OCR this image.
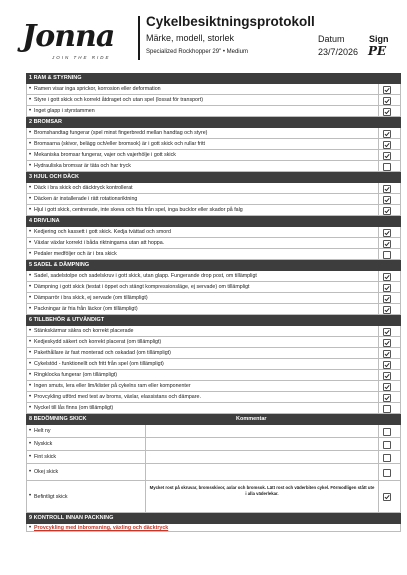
Jonna
JOIN THE RIDE
Cykelbesiktningsprotokoll
Märke, modell, storlek
Specialized Rockhopper 29" • Medium
Datum	Sign
23/7/2026 PE
1 RAM & STYRNING
• Ramen visar inga sprickor, korrosion eller deformation
• Styre i gott skick och korrekt åtdraget och utan spel (lossat för transport)
• Inget glapp i styrstammen
2 BROMSAR
• Bromshandtag fungerar (spel minst fingerbredd mellan handtag och styre)
• Bromsarna (skivor, belägg och/eller bromsok) är i gott skick och rullar fritt
• Mekaniska bromsar fungerar, vajer och vajerhölje i gott skick
• Hydrauliska bromsar är täta och har tryck
3 HJUL OCH DÄCK
• Däck i bra skick och däcktryck kontrollerat
• Däcken är installerade i rätt rotationsriktning
• Hjul i gott skick, centrerade, inte skeva och fria från spel, inga bucklor eller skador på falg
4 DRIVLINA
• Kedjering och kassett i gott skick. Kedja tvättad och smord
• Växlar växlar korrekt i båda riktningarna utan att hoppa.
• Pedaler medföljer och är i bra skick
5 SADEL & DÄMPNING
• Sadel, sadelstolpe och sadelskruv i gott skick, utan glapp. Fungerande drop post, om tillämpligt
• Dämpning i gott skick (testat i öppet och stängt kompressionsläge, ej servade) om tillämpligt
• Dämparrör i bra skick, ej servade (om tillämpligt)
• Packningar är fria från läckor (om tillämpligt)
6 TILLBEHÖR & UTVÄNDIGT
• Stänkskärmar säkra och korrekt placerade
• Kedjeskydd säkert och korrekt placerat (om tillämpligt)
• Pakethållare är fast monterad och oskadad (om tillämpligt)
• Cykelstöd - funktionellt och fritt från spel (om tillämpligt)
• Ringklocka fungerar (om tillämpligt)
• Ingen smuts, lera eller lim/klister på cykelns ram eller komponenter
• Provcykling utförd med test av broms, växlar, elassistans och dämpare.
• Nyckel till lås finns (om tillämpligt)
8 BEDÖMNING SKICK	Kommentar
• Helt ny
• Nyskick
• Fint skick
• Okej skick
• Befintligt skick
Mycket rost på skruvar, bromsskivor, axlar och bromsok. Lätt rost och väderbiten cykel. Förmodligen stått ute i alla väderlekar.
9 KONTROLL INNAN PACKNING
• Provcykling med inbromsning, växling och däcktryck
